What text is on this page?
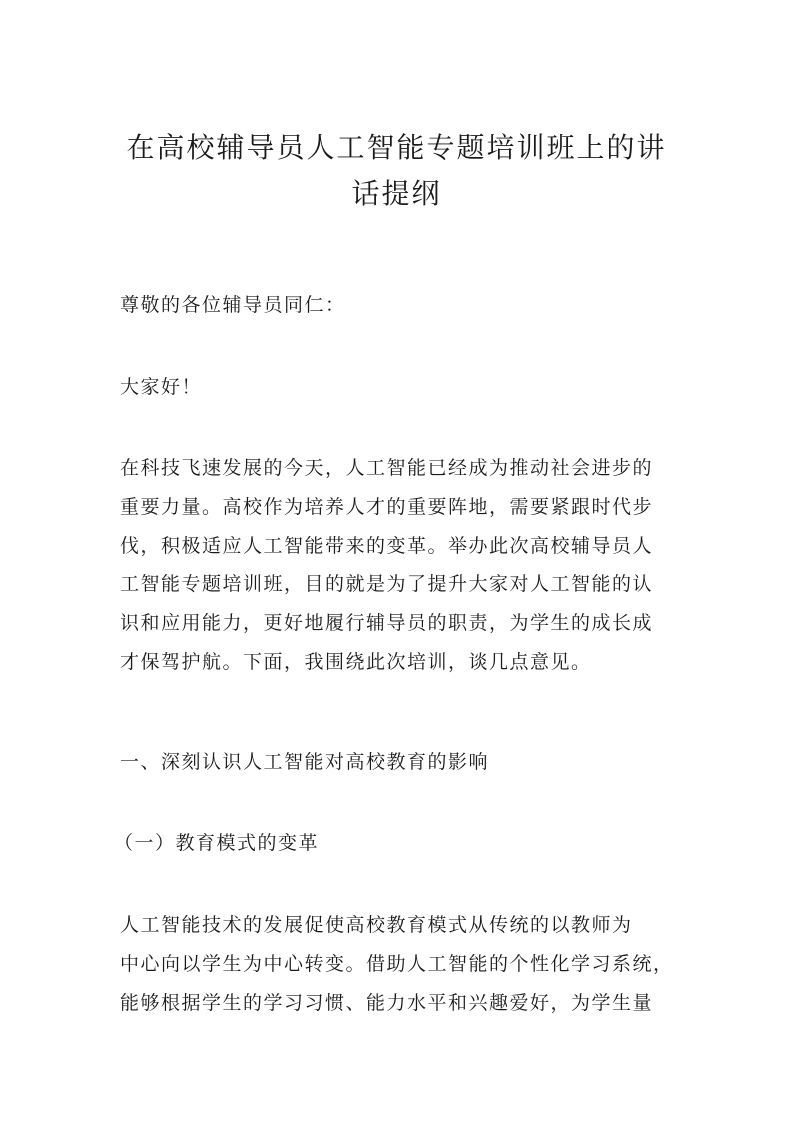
在高校辅导员人工智能专题培训班上的讲
话提纲

尊敬的各位辅导员同仁：

大家好！

在科技飞速发展的今天，人工智能已经成为推动社会进步的
重要力量。高校作为培养人才的重要阵地，需要紧跟时代步
伐，积极适应人工智能带来的变革。举办此次高校辅导员人
工智能专题培训班，目的就是为了提升大家对人工智能的认
识和应用能力，更好地履行辅导员的职责，为学生的成长成
才保驾护航。下面，我围绕此次培训，谈几点意见。

一、深刻认识人工智能对高校教育的影响

（一）教育模式的变革

人工智能技术的发展促使高校教育模式从传统的以教师为
中心向以学生为中心转变。借助人工智能的个性化学习系统，
能够根据学生的学习习惯、能力水平和兴趣爱好，为学生量
